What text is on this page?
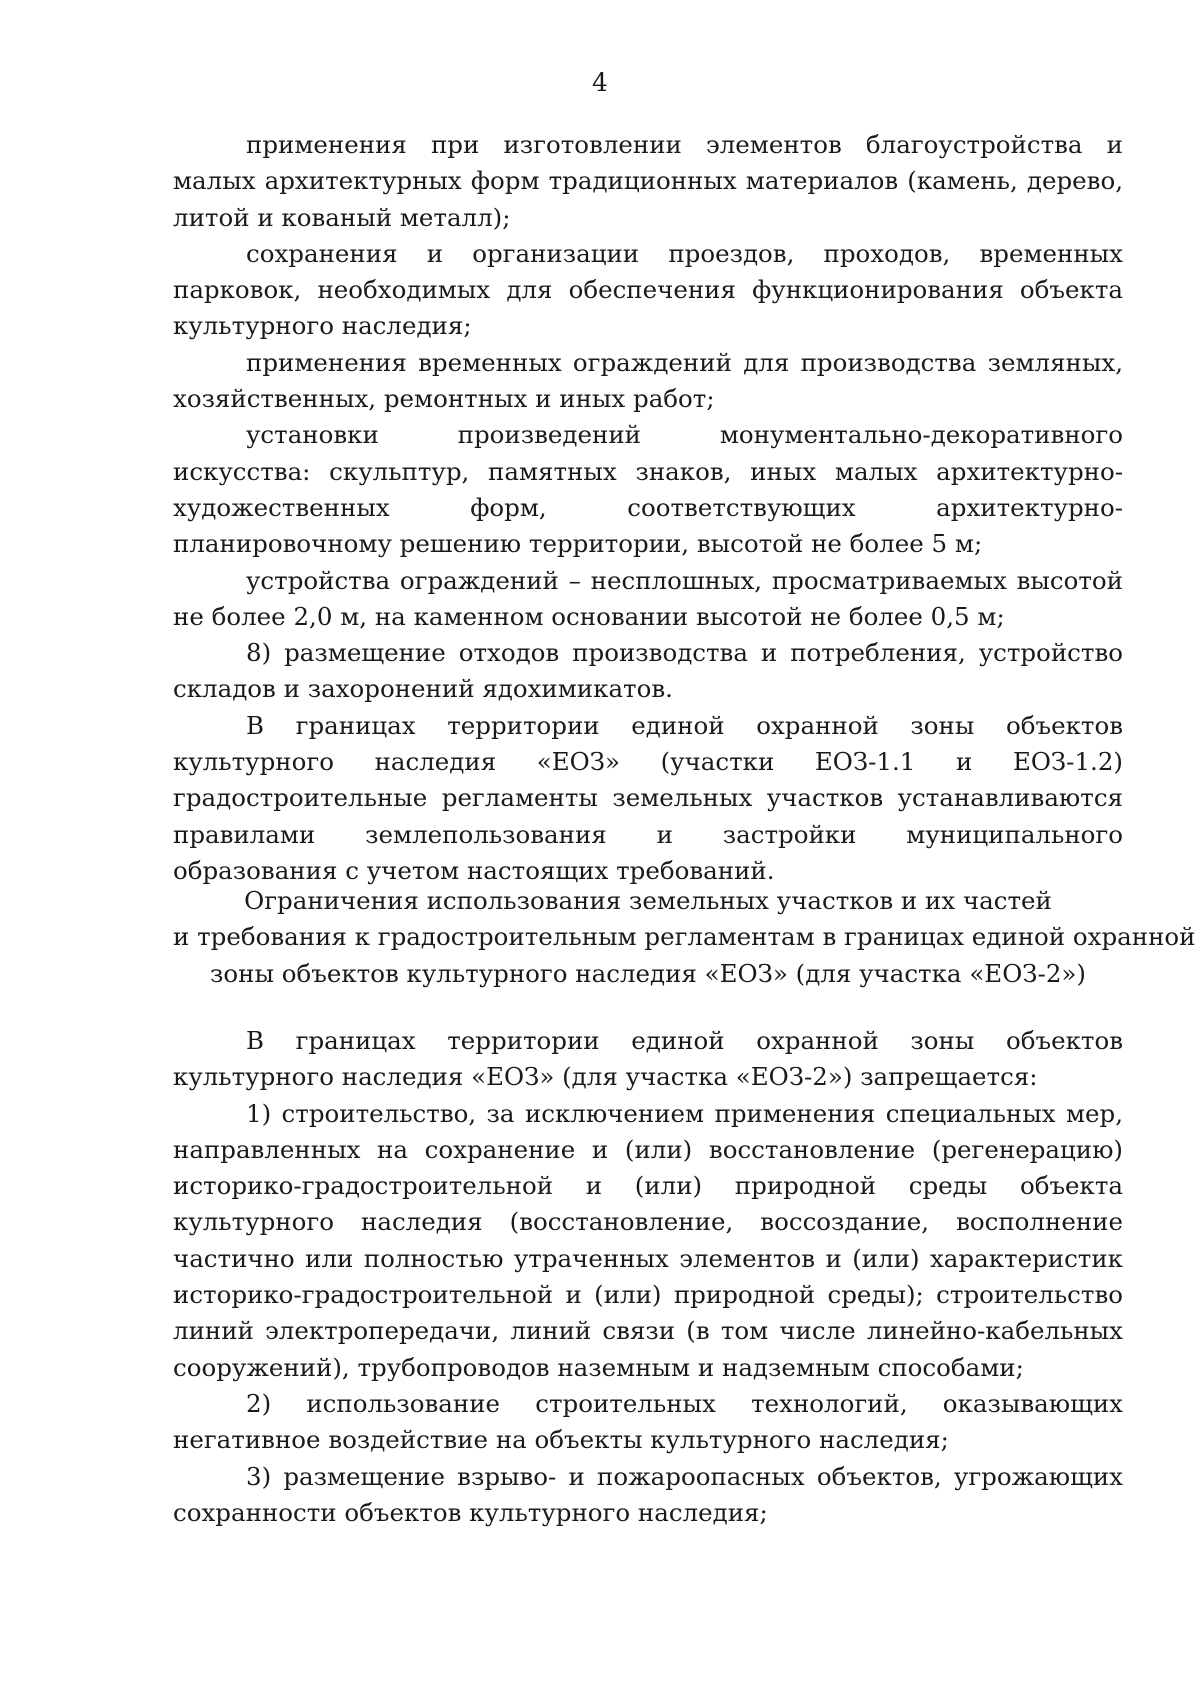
4

применения при изготовлении элементов благоустройства и малых архитектурных форм традиционных материалов (камень, дерево, литой и кованый металл);

сохранения и организации проездов, проходов, временных парковок, необходимых для обеспечения функционирования объекта культурного наследия;

применения временных ограждений для производства земляных, хозяйственных, ремонтных и иных работ;

установки произведений монументально-декоративного искусства: скульптур, памятных знаков, иных малых архитектурно-художественных форм, соответствующих архитектурно-планировочному решению территории, высотой не более 5 м;

устройства ограждений – несплошных, просматриваемых высотой не более 2,0 м, на каменном основании высотой не более 0,5 м;

8) размещение отходов производства и потребления, устройство складов и захоронений ядохимикатов.

В границах территории единой охранной зоны объектов культурного наследия «ЕОЗ» (участки ЕОЗ-1.1 и ЕОЗ-1.2) градостроительные регламенты земельных участков устанавливаются правилами землепользования и застройки муниципального образования с учетом настоящих требований.

Ограничения использования земельных участков и их частей
и требования к градостроительным регламентам в границах единой охранной
зоны объектов культурного наследия «ЕОЗ» (для участка «ЕОЗ-2»)

В границах территории единой охранной зоны объектов культурного наследия «ЕОЗ» (для участка «ЕОЗ-2») запрещается:

1) строительство, за исключением применения специальных мер, направленных на сохранение и (или) восстановление (регенерацию) историко-градостроительной и (или) природной среды объекта культурного наследия (восстановление, воссоздание, восполнение частично или полностью утраченных элементов и (или) характеристик историко-градостроительной и (или) природной среды); строительство линий электропередачи, линий связи (в том числе линейно-кабельных сооружений), трубопроводов наземным и надземным способами;

2) использование строительных технологий, оказывающих негативное воздействие на объекты культурного наследия;

3) размещение взрыво- и пожароопасных объектов, угрожающих сохранности объектов культурного наследия;
